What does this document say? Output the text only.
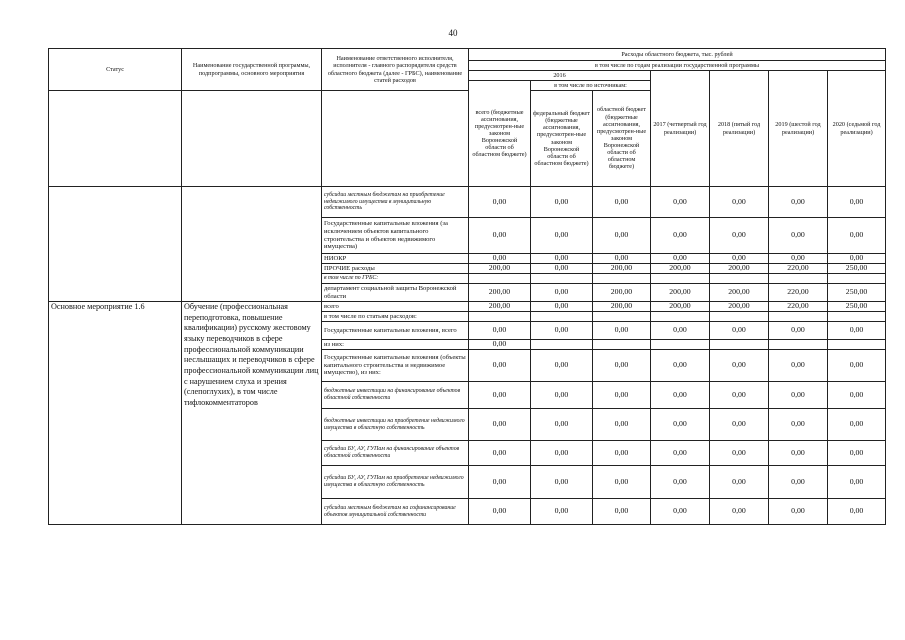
40
Статус	Наименование государственной программы, подпрограммы, основного мероприятия	Наименование ответственного исполнителя, исполнителя - главного распорядителя средств областного бюджета (далее - ГРБС), наименование статей расходов	Расходы областного бюджета, тыс. рублей						
			в том числе по годам реализации государственной программы						
			2016			2017 (четвертый год реализации)	2018 (пятый год реализации)	2019 (шестой год реализации)	2020 (седьмой год реализации)
			всего (бюджетные ассигнования, предусмотрен-ные законом Воронежской области об областном бюджете)	в том числе по источникам:					
				федеральный бюджет (бюджетные ассигнования, предусмотрен-ные законом Воронежской области об областном бюджете)	областной бюджет (бюджетные ассигнования, предусмотрен-ные законом Воронежской области об областном бюджете)				
		субсидии местным бюджетам на приобретение недвижимого имущества в муниципальную собственность	0,00	0,00	0,00	0,00	0,00	0,00	0,00
		Государственные капитальные вложения (за исключением объектов капитального строительства и объектов недвижимого имущества)	0,00	0,00	0,00	0,00	0,00	0,00	0,00
		НИОКР	0,00	0,00	0,00	0,00	0,00	0,00	0,00
		ПРОЧИЕ расходы	200,00	0,00	200,00	200,00	200,00	220,00	250,00
		в том числе по ГРБС:							
		департамент социальной защиты Воронежской области	200,00	0,00	200,00	200,00	200,00	220,00	250,00
Основное мероприятие 1.6	Обучение (профессиональная переподготовка, повышение квалификации) русскому жестовому языку переводчиков в сфере профессиональной коммуникации неслышащих и переводчиков в сфере профессиональной коммуникации лиц с нарушением слуха и зрения (слепоглухих), в том числе тифлокомментаторов	всего	200,00	0,00	200,00	200,00	200,00	220,00	250,00
		в том числе по статьям расходов:							
		Государственные капитальные вложения, всего	0,00	0,00	0,00	0,00	0,00	0,00	0,00
		из них:	0,00						
		Государственные капитальные вложения (объекты капитального строительства и недвижимое имущество), из них:	0,00	0,00	0,00	0,00	0,00	0,00	0,00
		бюджетные инвестиции на финансирование объектов областной собственности	0,00	0,00	0,00	0,00	0,00	0,00	0,00
		бюджетные инвестиции на приобретение недвижимого имущества в областную собственность	0,00	0,00	0,00	0,00	0,00	0,00	0,00
		субсидии БУ, АУ, ГУПам на финансирование объектов областной собственности	0,00	0,00	0,00	0,00	0,00	0,00	0,00
		субсидии БУ, АУ, ГУПам на приобретение недвижимого имущества в областную собственность	0,00	0,00	0,00	0,00	0,00	0,00	0,00
		субсидии местным бюджетам на софинансирование объектов муниципальной собственности	0,00	0,00	0,00	0,00	0,00	0,00	0,00
